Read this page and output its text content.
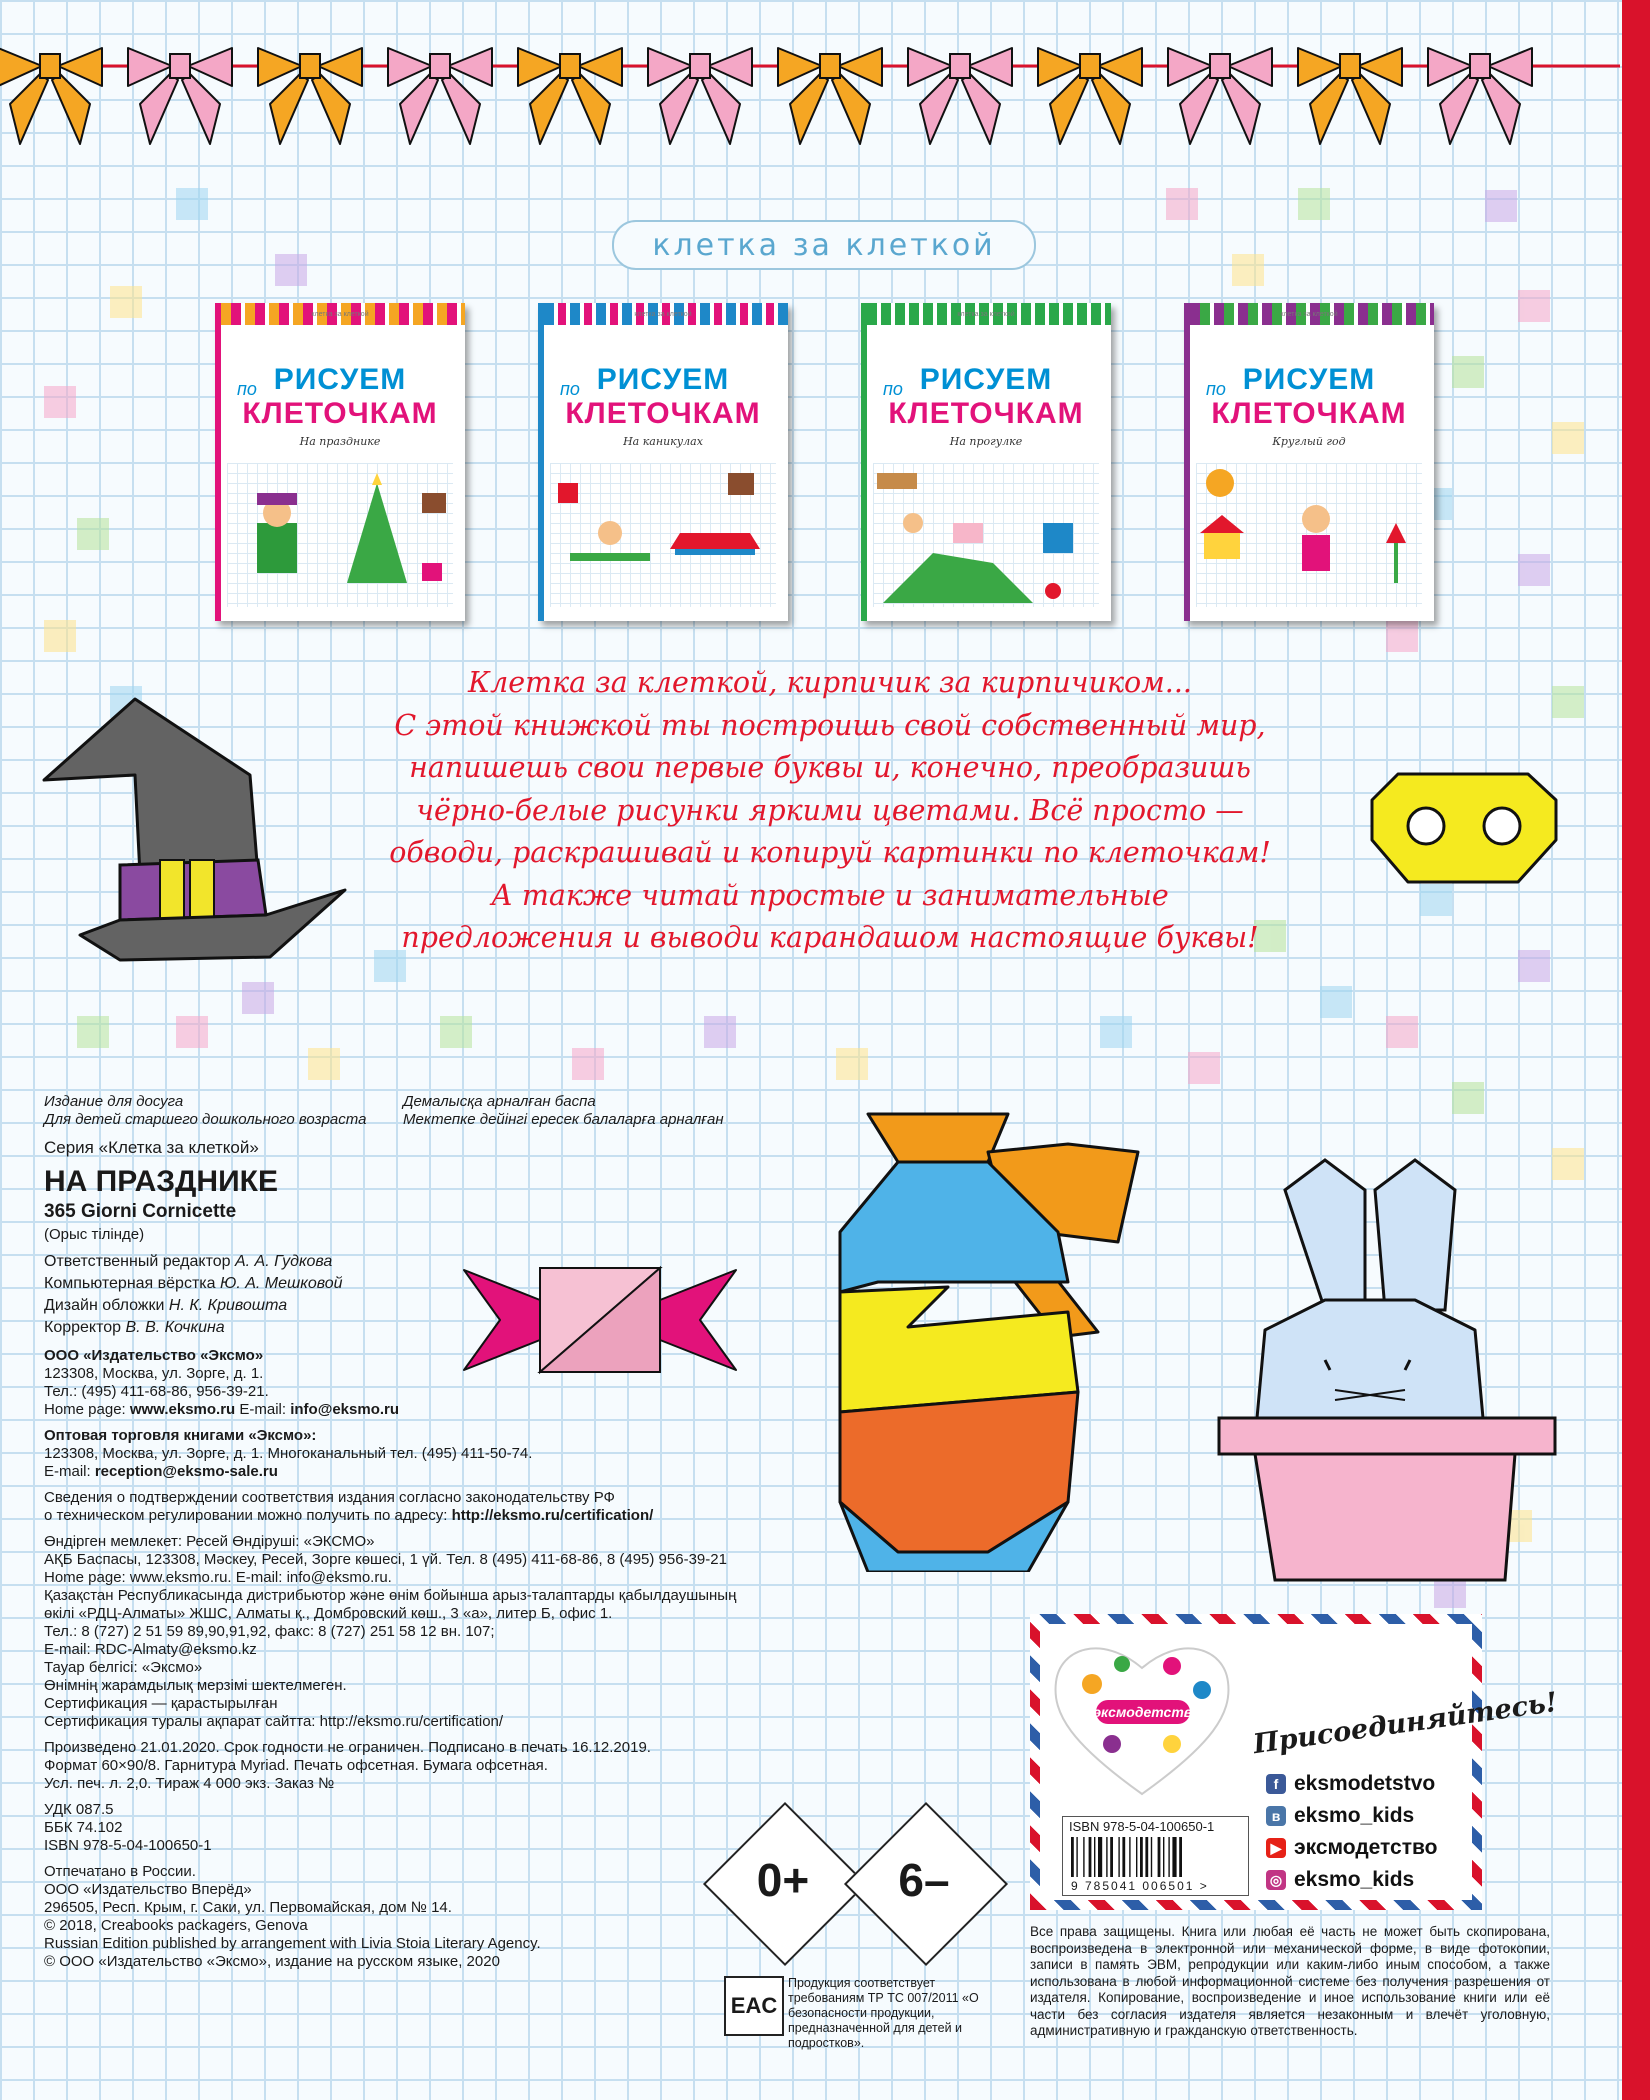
клетка за клеткой
клетка за клеткой
РИСУЕМ
по
КЛЕТОЧКАМ
На празднике
клетка за клеткой
РИСУЕМ
по
КЛЕТОЧКАМ
На каникулах
клетка за клеткой
РИСУЕМ
по
КЛЕТОЧКАМ
На прогулке
клетка за клеткой
РИСУЕМ
по
КЛЕТОЧКАМ
Круглый год
Клетка за клеткой, кирпичик за кирпичиком...
С этой книжкой ты построишь свой собственный мир,
напишешь свои первые буквы и, конечно, преобразишь
чёрно-белые рисунки яркими цветами. Всё просто —
обводи, раскрашивай и копируй картинки по клеточкам!
А также читай простые и занимательные
предложения и выводи карандашом настоящие буквы!
Издание для досуга
Для детей старшего дошкольного возраста
Серия «Клетка за клеткой»
НА ПРАЗДНИКЕ
365 Giorni Cornicette
(Орыс тілінде)
Ответственный редактор А. А. Гудкова
Компьютерная вёрстка Ю. А. Мешковой
Дизайн обложки Н. К. Кривошта
Корректор В. В. Кочкина
ООО «Издательство «Эксмо»
123308, Москва, ул. Зорге, д. 1.
Тел.: (495) 411-68-86, 956-39-21.
Home page: www.eksmo.ru E-mail: info@eksmo.ru
Оптовая торговля книгами «Эксмо»:
123308, Москва, ул. Зорге, д. 1. Многоканальный тел. (495) 411-50-74.
E-mail: reception@eksmo-sale.ru
Сведения о подтверждении соответствия издания согласно законодательству РФ
о техническом регулировании можно получить по адресу: http://eksmo.ru/certification/
Өндірген мемлекет: Ресей Өндіруші: «ЭКСМО»
АҚБ Баспасы, 123308, Мәскеу, Ресей, Зорге көшесі, 1 үй. Тел. 8 (495) 411-68-86, 8 (495) 956-39-21
Home page: www.eksmo.ru. E-mail: info@eksmo.ru.
Қазақстан Республикасында дистрибьютор және өнім бойынша арыз-талаптарды қабылдаушының
өкілі «РДЦ-Алматы» ЖШС, Алматы қ., Домбровский көш., 3 «а», литер Б, офис 1.
Тел.: 8 (727) 2 51 59 89,90,91,92, факс: 8 (727) 251 58 12 вн. 107;
E-mail: RDC-Almaty@eksmo.kz
Тауар белгісі: «Эксмо»
Өнімнің жарамдылық мерзімі шектелмеген.
Сертификация — қарастырылған
Сертификация туралы ақпарат сайтта: http://eksmo.ru/certification/
Произведено 21.01.2020. Срок годности не ограничен. Подписано в печать 16.12.2019.
Формат 60×90/8. Гарнитура Myriad. Печать офсетная. Бумага офсетная.
Усл. печ. л. 2,0. Тираж 4 000 экз. Заказ №
УДК 087.5
ББК 74.102
ISBN 978-5-04-100650-1
Отпечатано в России.
ООО «Издательство Вперёд»
296505, Респ. Крым, г. Саки, ул. Первомайская, дом № 14.
© 2018, Creabooks packagers, Genova
Russian Edition published by arrangement with Livia Stoia Literary Agency.
© ООО «Издательство «Эксмо», издание на русском языке, 2020
Демалысқа арналған баспа
Мектепке дейінгі ересек балаларға арналған
0+	6–
EAC
Продукция соответствует требованиям ТР ТС 007/2011 «О безопасности продукции, предназначенной для детей и подростков».
#эксмодетство Присоединяйтесь!
f eksmodetstvo
в eksmo_kids
▶ эксмодетство
◎ eksmo_kids
ISBN 978-5-04-100650-1
9 785041 006501 >
Все права защищены. Книга или любая её часть не может быть скопирована, воспроизведена в электронной или механической форме, в виде фотокопии, записи в память ЭВМ, репродукции или каким-либо иным способом, а также использована в любой информационной системе без получения разрешения от издателя. Копирование, воспроизведение и иное использование книги или её части без согласия издателя является незаконным и влечёт уголовную, административную и гражданскую ответственность.
